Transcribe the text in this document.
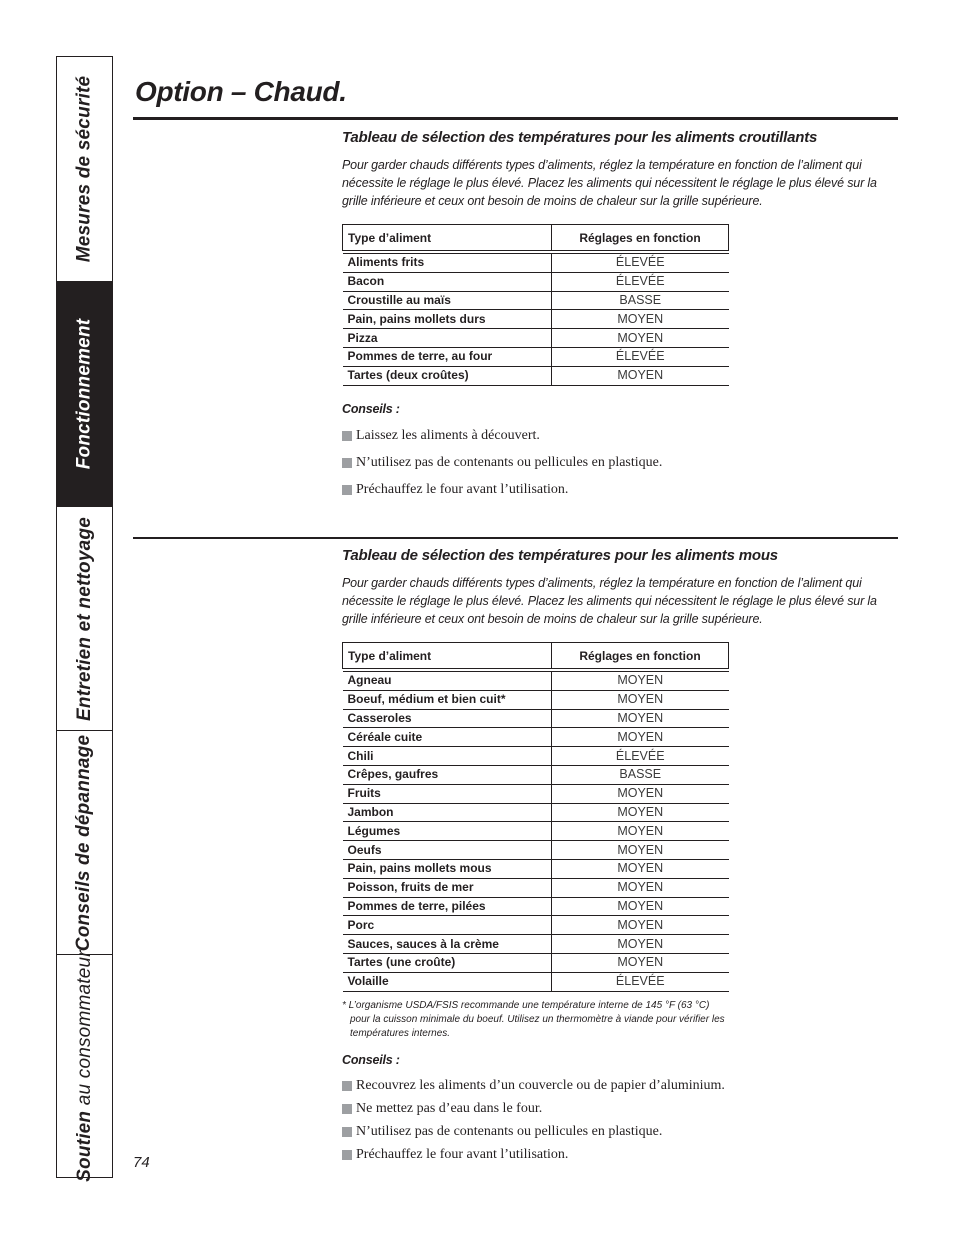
Mesures de sécurité
Fonctionnement
Entretien et nettoyage
Conseils de dépannage
Soutien au consommateur
Option – Chaud.
Tableau de sélection des températures pour les aliments croutillants

Pour garder chauds différents types d’aliments, réglez la température en fonction de l’aliment qui nécessite le réglage le plus élevé. Placez les aliments qui nécessitent le réglage le plus élevé sur la grille inférieure et ceux ont besoin de moins de chaleur sur la grille supérieure.

Type d’aliment	Réglages en fonction

Aliments frits	ÉLEVÉE
Bacon	ÉLEVÉE
Croustille au maïs	BASSE
Pain, pains mollets durs	MOYEN
Pizza	MOYEN
Pommes de terre, au four	ÉLEVÉE
Tartes (deux croûtes)	MOYEN
Conseils :
Laissez les aliments à découvert.
N’utilisez pas de contenants ou pellicules en plastique.
Préchauffez le four avant l’utilisation.
Tableau de sélection des températures pour les aliments mous

Pour garder chauds différents types d’aliments, réglez la température en fonction de l’aliment qui nécessite le réglage le plus élevé. Placez les aliments qui nécessitent le réglage le plus élevé sur la grille inférieure et ceux ont besoin de moins de chaleur sur la grille supérieure.

Type d’aliment	Réglages en fonction

Agneau	MOYEN
Boeuf, médium et bien cuit*	MOYEN
Casseroles	MOYEN
Céréale cuite	MOYEN
Chili	ÉLEVÉE
Crêpes, gaufres	BASSE
Fruits	MOYEN
Jambon	MOYEN
Légumes	MOYEN
Oeufs	MOYEN
Pain, pains mollets mous	MOYEN
Poisson, fruits de mer	MOYEN
Pommes de terre, pilées	MOYEN
Porc	MOYEN
Sauces, sauces à la crème	MOYEN
Tartes (une croûte)	MOYEN
Volaille	ÉLEVÉE

* L’organisme USDA/FSIS recommande une température interne de 145 °F (63 °C) pour la cuisson minimale du boeuf. Utilisez un thermomètre à viande pour vérifier les températures internes.

Conseils :
Recouvrez les aliments d’un couvercle ou de papier d’aluminium.
Ne mettez pas d’eau dans le four.
N’utilisez pas de contenants ou pellicules en plastique.
Préchauffez le four avant l’utilisation.
74
